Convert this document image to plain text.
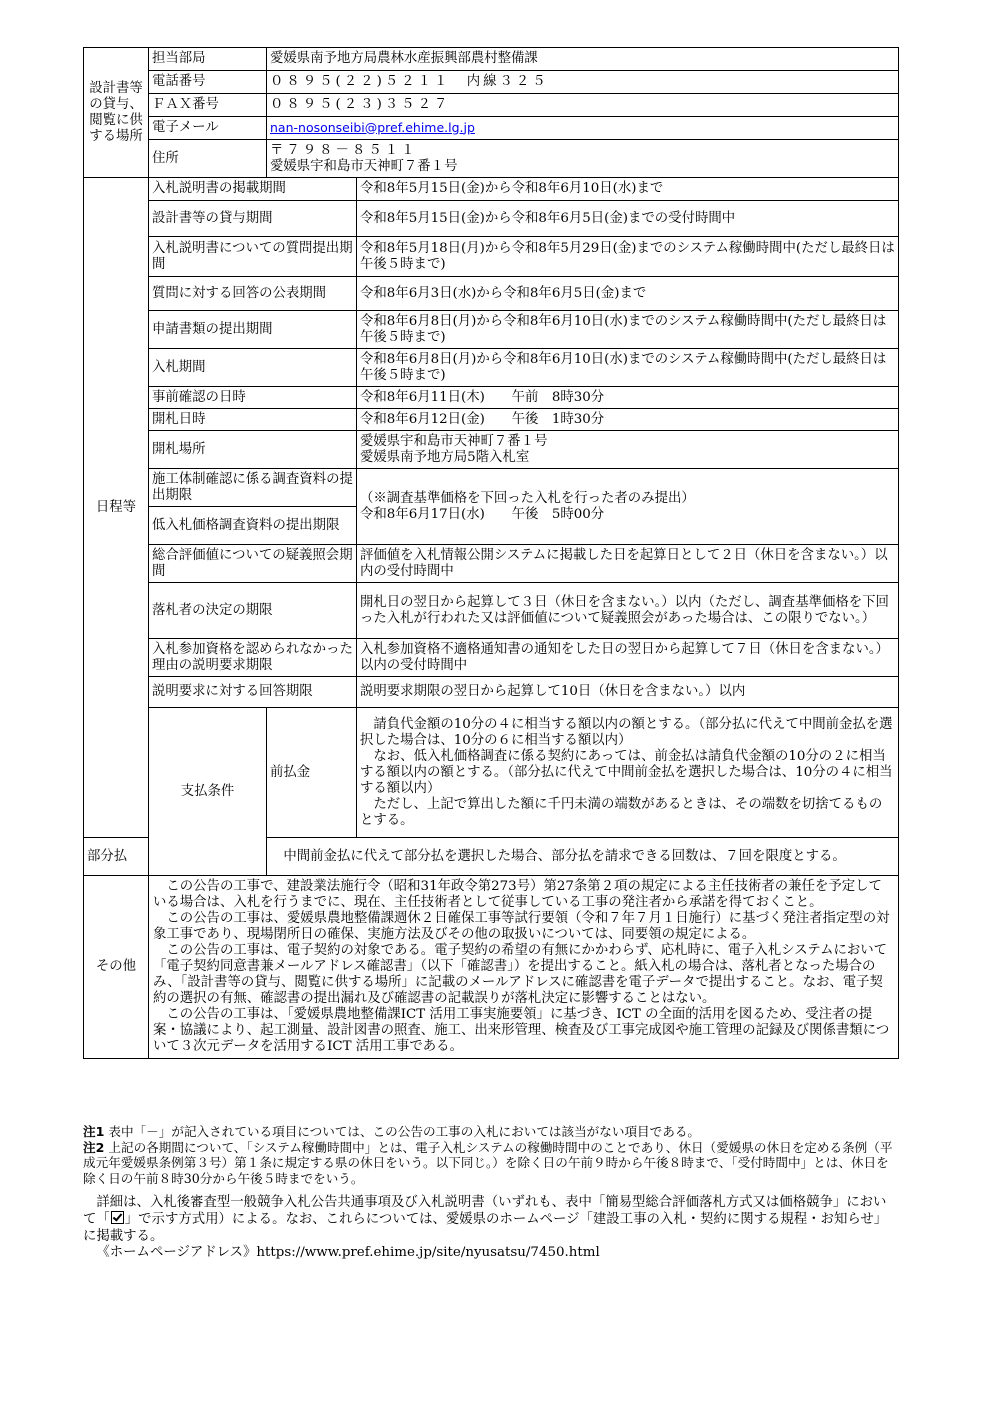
設計書等の貸与、閲覧に供する場所	担当部局	愛媛県南予地方局農林水産振興部農村整備課	
	電話番号	０８９５(２２)５２１１　内線３２５	
	ＦＡＸ番号	０８９５(２３)３５２７	
	電子メール	nan-nosonseibi@pref.ehime.lg.jp	
	住所	〒７９８－８５１１
愛媛県宇和島市天神町７番１号	

日程等	入札説明書の掲載期間		令和8年5月15日(金)から令和8年6月10日(水)まで
	設計書等の貸与期間		令和8年5月15日(金)から令和8年6月5日(金)までの受付時間中
	入札説明書についての質問提出期間		令和8年5月18日(月)から令和8年5月29日(金)までのシステム稼働時間中(ただし最終日は午後５時まで)
	質問に対する回答の公表期間		令和8年6月3日(水)から令和8年6月5日(金)まで
	申請書類の提出期間		令和8年6月8日(月)から令和8年6月10日(水)までのシステム稼働時間中(ただし最終日は午後５時まで)
	入札期間		令和8年6月8日(月)から令和8年6月10日(水)までのシステム稼働時間中(ただし最終日は午後５時まで)
	事前確認の日時		令和8年6月11日(木)　　午前　8時30分
	開札日時		令和8年6月12日(金)　　午後　1時30分
	開札場所		愛媛県宇和島市天神町７番１号
愛媛県南予地方局5階入札室

	施工体制確認に係る調査資料の提出期限		（※調査基準価格を下回った入札を行った者のみ提出）
令和8年6月17日(水)　　午後　5時00分

	低入札価格調査資料の提出期限		
	総合評価値についての疑義照会期間		評価値を入札情報公開システムに掲載した日を起算日として２日（休日を含まない。）以内の受付時間中
	落札者の決定の期限		開札日の翌日から起算して３日（休日を含まない。）以内（ただし、調査基準価格を下回った入札が行われた又は評価値について疑義照会があった場合は、この限りでない。）
	入札参加資格を認められなかった理由の説明要求期限		入札参加資格不適格通知書の通知をした日の翌日から起算して７日（休日を含まない。）以内の受付時間中
	説明要求に対する回答期限		説明要求期限の翌日から起算して10日（休日を含まない。）以内
	支払条件	前払金	請負代金額の10分の４に相当する額以内の額とする。（部分払に代えて中間前金払を選択した場合は、10分の６に相当する額以内）
なお、低入札価格調査に係る契約にあっては、前金払は請負代金額の10分の２に相当する額以内の額とする。（部分払に代えて中間前金払を選択した場合は、10分の４に相当する額以内）
ただし、上記で算出した額に千円未満の端数があるときは、その端数を切捨てるものとする。

部分払		中間前金払に代えて部分払を選択した場合、部分払を請求できる回数は、７回を限度とする。	
その他	この公告の工事で、建設業法施行令（昭和31年政令第273号）第27条第２項の規定による主任技術者の兼任を予定している場合は、入札を行うまでに、現在、主任技術者として従事している工事の発注者から承諾を得ておくこと。
この公告の工事は、愛媛県農地整備課週休２日確保工事等試行要領（令和７年７月１日施行）に基づく発注者指定型の対象工事であり、現場閉所日の確保、実施方法及びその他の取扱いについては、同要領の規定による。
この公告の工事は、電子契約の対象である。電子契約の希望の有無にかかわらず、応札時に、電子入札システムにおいて「電子契約同意書兼メールアドレス確認書」（以下「確認書」）を提出すること。紙入札の場合は、落札者となった場合のみ、「設計書等の貸与、閲覧に供する場所」に記載のメールアドレスに確認書を電子データで提出すること。なお、電子契約の選択の有無、確認書の提出漏れ及び確認書の記載誤りが落札決定に影響することはない。
この公告の工事は、「愛媛県農地整備課ICT 活用工事実施要領」に基づき、ICT の全面的活用を図るため、受注者の提案・協議により、起工測量、設計図書の照査、施工、出来形管理、検査及び工事完成図や施工管理の記録及び関係書類について３次元データを活用するICT 活用工事である。		

注1 表中「－」が記入されている項目については、この公告の工事の入札においては該当がない項目である。

注2 上記の各期間について、「システム稼働時間中」とは、電子入札システムの稼働時間中のことであり、休日（愛媛県の休日を定める条例（平成元年愛媛県条例第３号）第１条に規定する県の休日をいう。以下同じ。）を除く日の午前９時から午後８時まで、「受付時間中」とは、休日を除く日の午前８時30分から午後５時までをいう。

詳細は、入札後審査型一般競争入札公告共通事項及び入札説明書（いずれも、表中「簡易型総合評価落札方式又は価格競争」において「 」で示す方式用）による。なお、これらについては、愛媛県のホームページ「建設工事の入札・契約に関する規程・お知らせ」に掲載する。

《ホームページアドレス》https://www.pref.ehime.jp/site/nyusatsu/7450.html
